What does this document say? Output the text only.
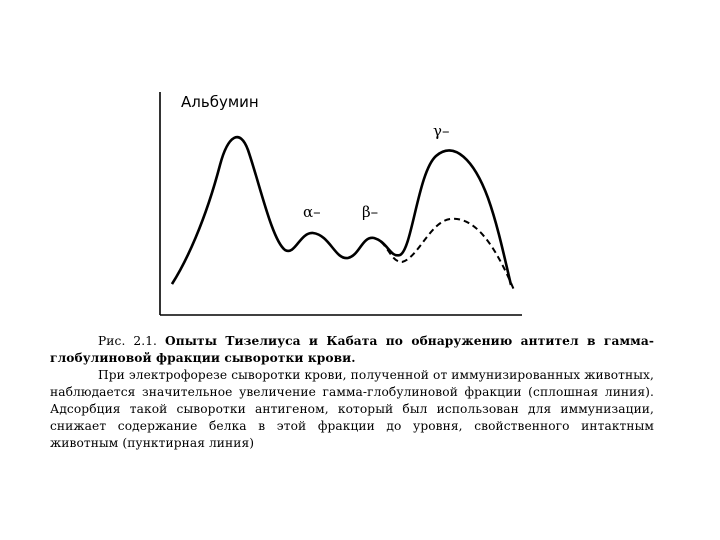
Альбумин
α–	β–
γ–

Рис. 2.1. Опыты Тизелиуса и Кабата по обнаружению антител в гамма-глобулиновой фракции сыворотки крови.

При электрофорезе сыворотки крови, полученной от иммунизированных животных, наблюдается значительное увеличение гамма-глобулиновой фракции (сплошная линия). Адсорбция такой сыворотки антигеном, который был использован для иммунизации, снижает содержание белка в этой фракции до уровня, свойственного интактным животным (пунктирная линия)
